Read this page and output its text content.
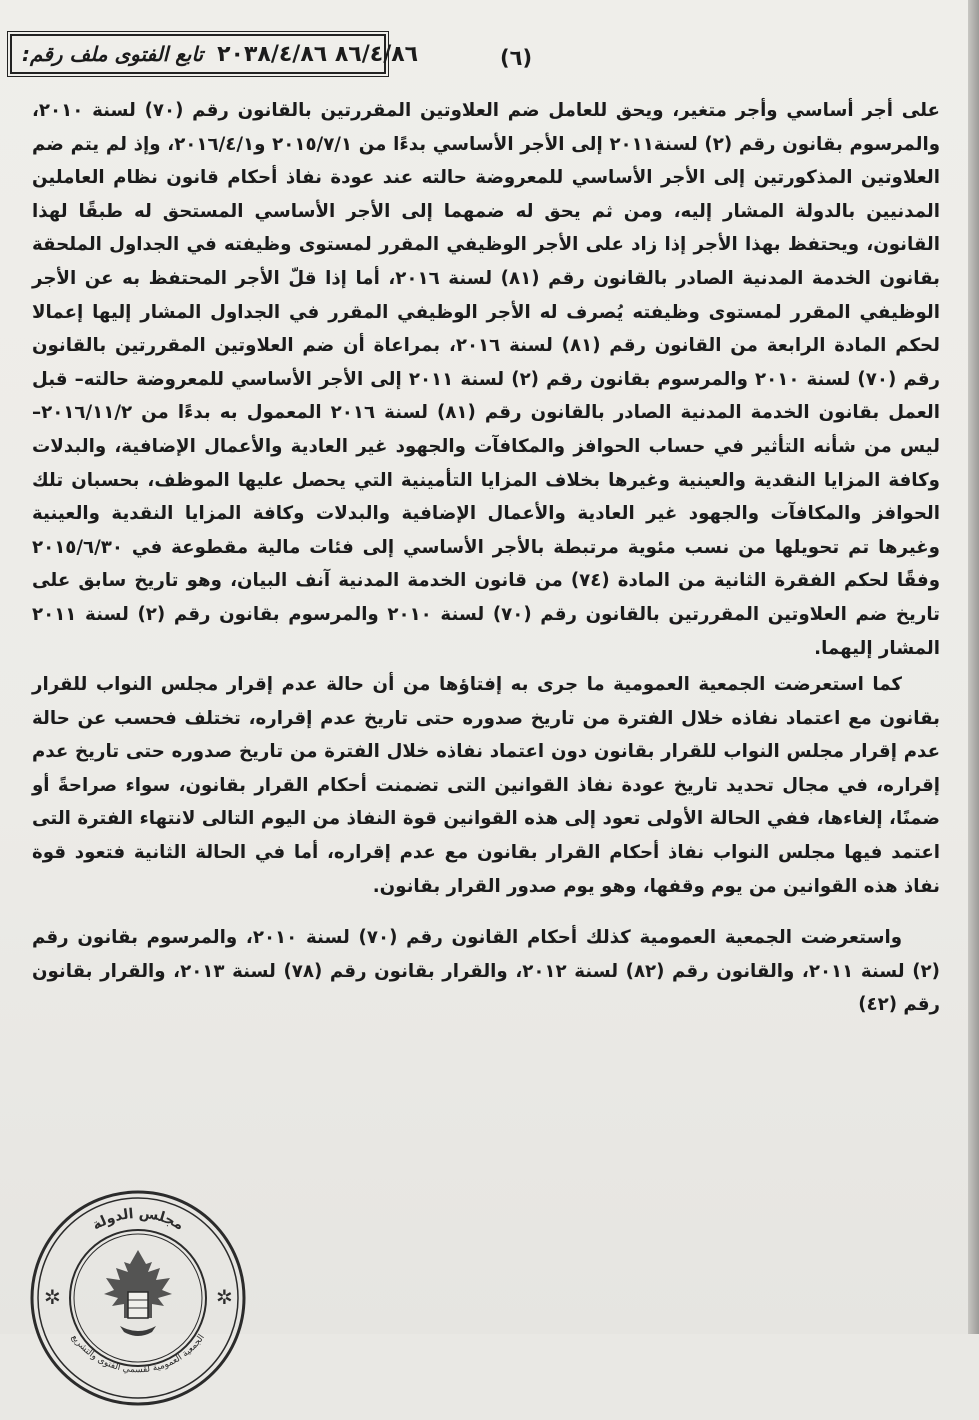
تابع الفتوى ملف رقم: ٨٦/٤/٨٦ ٢٠٣٨/٤/٨٦	(٦)

على أجر أساسي وأجر متغير، ويحق للعامل ضم العلاوتين المقررتين بالقانون رقم (٧٠) لسنة ٢٠١٠، والمرسوم بقانون رقم (٢) لسنة٢٠١١ إلى الأجر الأساسي بدءًا من ٢٠١٥/٧/١ و٢٠١٦/٤/١، وإذ لم يتم ضم العلاوتين المذكورتين إلى الأجر الأساسي للمعروضة حالته عند عودة نفاذ أحكام قانون نظام العاملين المدنيين بالدولة المشار إليه، ومن ثم يحق له ضمهما إلى الأجر الأساسي المستحق له طبقًا لهذا القانون، ويحتفظ بهذا الأجر إذا زاد على الأجر الوظيفي المقرر لمستوى وظيفته في الجداول الملحقة بقانون الخدمة المدنية الصادر بالقانون رقم (٨١) لسنة ٢٠١٦، أما إذا قلّ الأجر المحتفظ به عن الأجر الوظيفي المقرر لمستوى وظيفته يُصرف له الأجر الوظيفي المقرر في الجداول المشار إليها إعمالا لحكم المادة الرابعة من القانون رقم (٨١) لسنة ٢٠١٦، بمراعاة أن ضم العلاوتين المقررتين بالقانون رقم (٧٠) لسنة ٢٠١٠ والمرسوم بقانون رقم (٢) لسنة ٢٠١١ إلى الأجر الأساسي للمعروضة حالته– قبل العمل بقانون الخدمة المدنية الصادر بالقانون رقم (٨١) لسنة ٢٠١٦ المعمول به بدءًا من ٢٠١٦/١١/٢– ليس من شأنه التأثير في حساب الحوافز والمكافآت والجهود غير العادية والأعمال الإضافية، والبدلات وكافة المزايا النقدية والعينية وغيرها بخلاف المزايا التأمينية التي يحصل عليها الموظف، بحسبان تلك الحوافز والمكافآت والجهود غير العادية والأعمال الإضافية والبدلات وكافة المزايا النقدية والعينية وغيرها تم تحويلها من نسب مئوية مرتبطة بالأجر الأساسي إلى فئات مالية مقطوعة في ٢٠١٥/٦/٣٠ وفقًا لحكم الفقرة الثانية من المادة (٧٤) من قانون الخدمة المدنية آنف البيان، وهو تاريخ سابق على تاريخ ضم العلاوتين المقررتين بالقانون رقم (٧٠) لسنة ٢٠١٠ والمرسوم بقانون رقم (٢) لسنة ٢٠١١ المشار إليهما.

كما استعرضت الجمعية العمومية ما جرى به إفتاؤها من أن حالة عدم إقرار مجلس النواب للقرار بقانون مع اعتماد نفاذه خلال الفترة من تاريخ صدوره حتى تاريخ عدم إقراره، تختلف فحسب عن حالة عدم إقرار مجلس النواب للقرار بقانون دون اعتماد نفاذه خلال الفترة من تاريخ صدوره حتى تاريخ عدم إقراره، في مجال تحديد تاريخ عودة نفاذ القوانين التى تضمنت أحكام القرار بقانون، سواء صراحةً أو ضمنًا، إلغاءها، ففي الحالة الأولى تعود إلى هذه القوانين قوة النفاذ من اليوم التالى لانتهاء الفترة التى اعتمد فيها مجلس النواب نفاذ أحكام القرار بقانون مع عدم إقراره، أما في الحالة الثانية فتعود قوة نفاذ هذه القوانين من يوم وقفها، وهو يوم صدور القرار بقانون.

واستعرضت الجمعية العمومية كذلك أحكام القانون رقم (٧٠) لسنة ٢٠١٠، والمرسوم بقانون رقم (٢) لسنة ٢٠١١، والقانون رقم (٨٢) لسنة ٢٠١٢، والقرار بقانون رقم (٧٨) لسنة ٢٠١٣، والقرار بقانون رقم (٤٢)

✲	✲
مجلس الدولة
الجمعية العمومية لقسمي الفتوى والتشريع
